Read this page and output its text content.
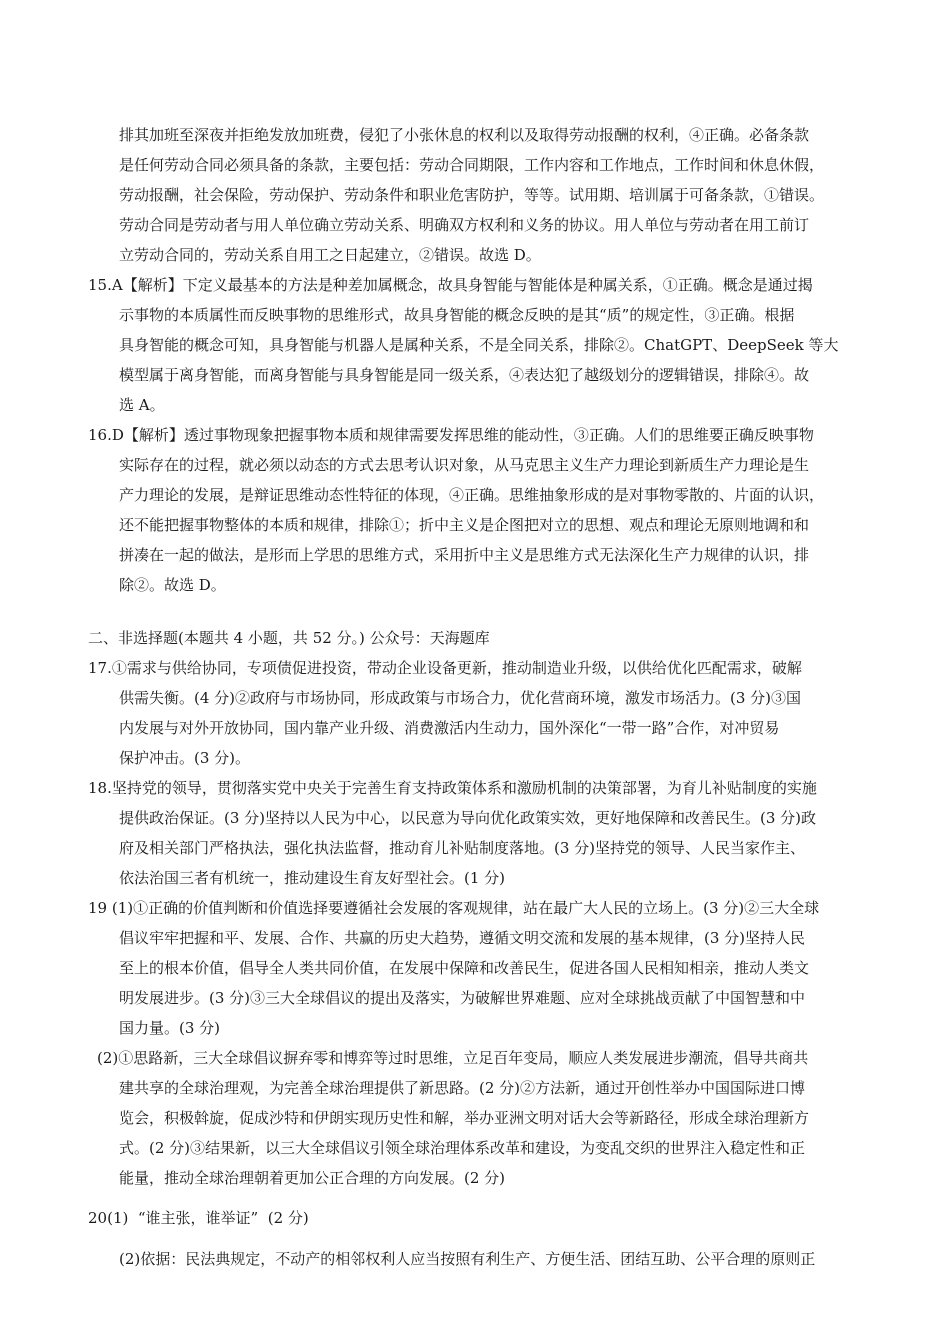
排其加班至深夜并拒绝发放加班费，侵犯了小张休息的权利以及取得劳动报酬的权利，④正确。必备条款
是任何劳动合同必须具备的条款，主要包括：劳动合同期限，工作内容和工作地点，工作时间和休息休假，
劳动报酬，社会保险，劳动保护、劳动条件和职业危害防护，等等。试用期、培训属于可备条款，①错误。
劳动合同是劳动者与用人单位确立劳动关系、明确双方权利和义务的协议。用人单位与劳动者在用工前订
立劳动合同的，劳动关系自用工之日起建立，②错误。故选 D。
15.A【解析】下定义最基本的方法是种差加属概念，故具身智能与智能体是种属关系，①正确。概念是通过揭
示事物的本质属性而反映事物的思维形式，故具身智能的概念反映的是其“质”的规定性，③正确。根据
具身智能的概念可知，具身智能与机器人是属种关系，不是全同关系，排除②。ChatGPT、DeepSeek 等大
模型属于离身智能，而离身智能与具身智能是同一级关系，④表达犯了越级划分的逻辑错误，排除④。故
选 A。
16.D【解析】透过事物现象把握事物本质和规律需要发挥思维的能动性，③正确。人们的思维要正确反映事物
实际存在的过程，就必须以动态的方式去思考认识对象，从马克思主义生产力理论到新质生产力理论是生
产力理论的发展，是辩证思维动态性特征的体现，④正确。思维抽象形成的是对事物零散的、片面的认识，
还不能把握事物整体的本质和规律，排除①；折中主义是企图把对立的思想、观点和理论无原则地调和和
拼凑在一起的做法，是形而上学思的思维方式，采用折中主义是思维方式无法深化生产力规律的认识，排
除②。故选 D。
二、非选择题(本题共 4 小题，共 52 分。) 公众号：天海题库
17.①需求与供给协同，专项债促进投资，带动企业设备更新，推动制造业升级，以供给优化匹配需求，破解
供需失衡。(4 分)②政府与市场协同，形成政策与市场合力，优化营商环境，激发市场活力。(3 分)③国
内发展与对外开放协同，国内靠产业升级、消费激活内生动力，国外深化“一带一路”合作，对冲贸易
保护冲击。(3 分)。
18.坚持党的领导，贯彻落实党中央关于完善生育支持政策体系和激励机制的决策部署，为育儿补贴制度的实施
提供政治保证。(3 分)坚持以人民为中心，以民意为导向优化政策实效，更好地保障和改善民生。(3 分)政
府及相关部门严格执法，强化执法监督，推动育儿补贴制度落地。(3 分)坚持党的领导、人民当家作主、
依法治国三者有机统一，推动建设生育友好型社会。(1 分)
19 (1)①正确的价值判断和价值选择要遵循社会发展的客观规律，站在最广大人民的立场上。(3 分)②三大全球
倡议牢牢把握和平、发展、合作、共赢的历史大趋势，遵循文明交流和发展的基本规律，(3 分)坚持人民
至上的根本价值，倡导全人类共同价值，在发展中保障和改善民生，促进各国人民相知相亲，推动人类文
明发展进步。(3 分)③三大全球倡议的提出及落实，为破解世界难题、应对全球挑战贡献了中国智慧和中
国力量。(3 分)
(2)①思路新，三大全球倡议摒弃零和博弈等过时思维，立足百年变局，顺应人类发展进步潮流，倡导共商共
建共享的全球治理观，为完善全球治理提供了新思路。(2 分)②方法新，通过开创性举办中国国际进口博
览会，积极斡旋，促成沙特和伊朗实现历史性和解，举办亚洲文明对话大会等新路径，形成全球治理新方
式。(2 分)③结果新，以三大全球倡议引领全球治理体系改革和建设，为变乱交织的世界注入稳定性和正
能量，推动全球治理朝着更加公正合理的方向发展。(2 分)
20(1)  “谁主张，谁举证”  (2 分)
(2)依据：民法典规定，不动产的相邻权利人应当按照有利生产、方便生活、团结互助、公平合理的原则正
